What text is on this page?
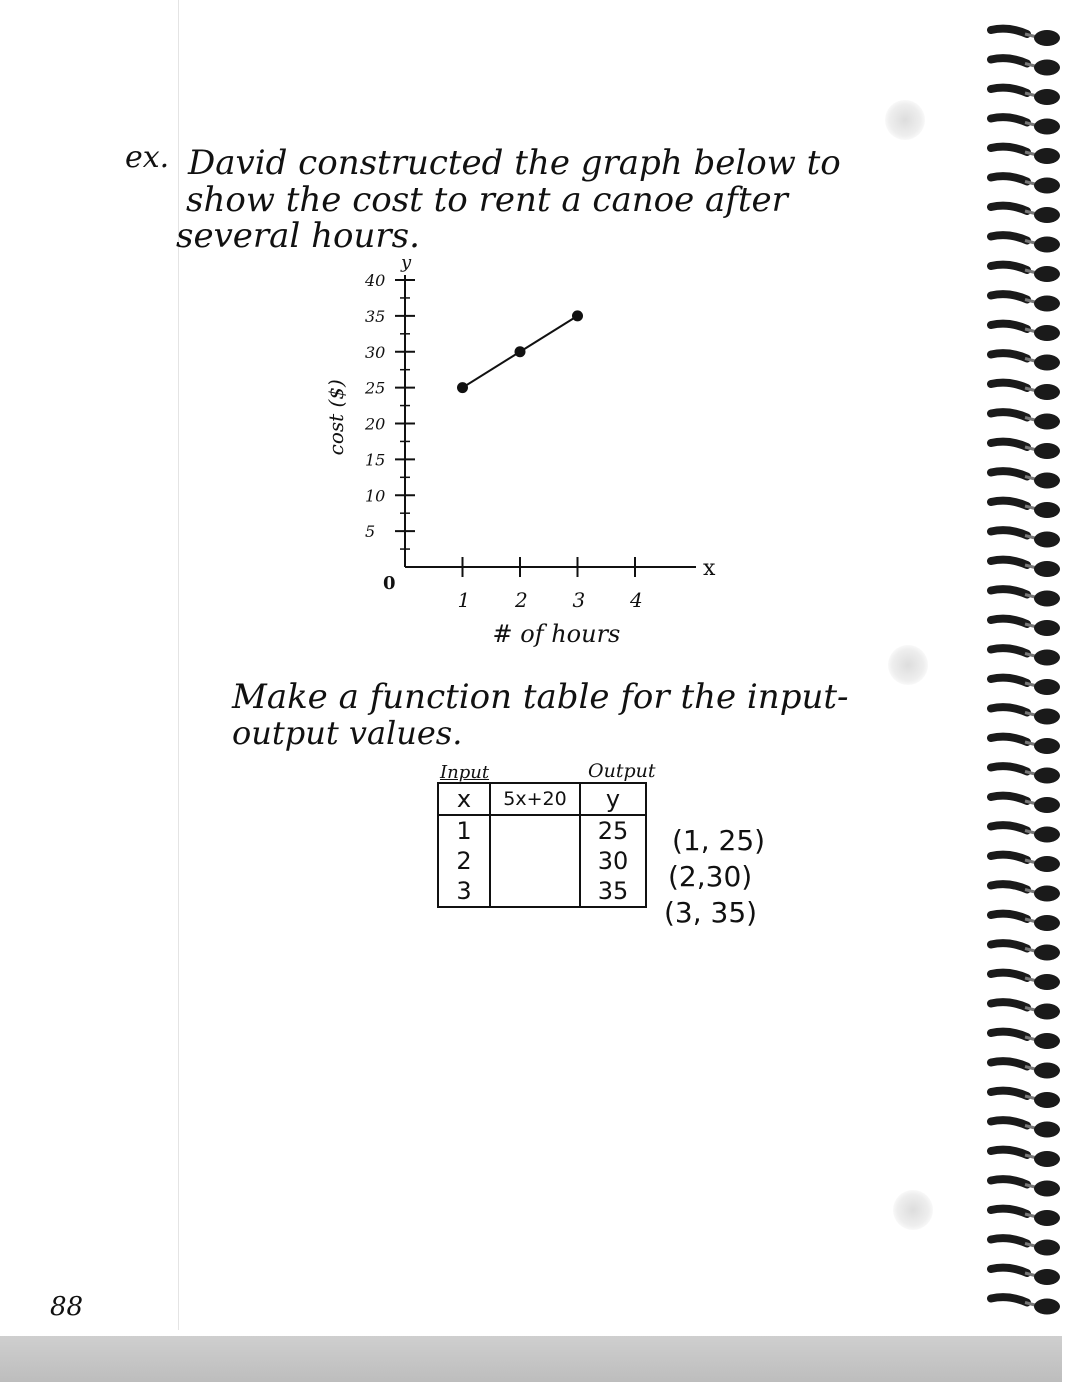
ex. David constructed the graph below to
show the cost to rent a canoe after
several hours.
x
y
1 2 3 4
5
10
15
20
25
30
35
40
0
# of hours
cost ($)
Make a function table for the input-
output values.
Input	Output
x	5x+20	y
1		25
2		30
3		35
(1, 25)
(2,30)
(3, 35)
88
